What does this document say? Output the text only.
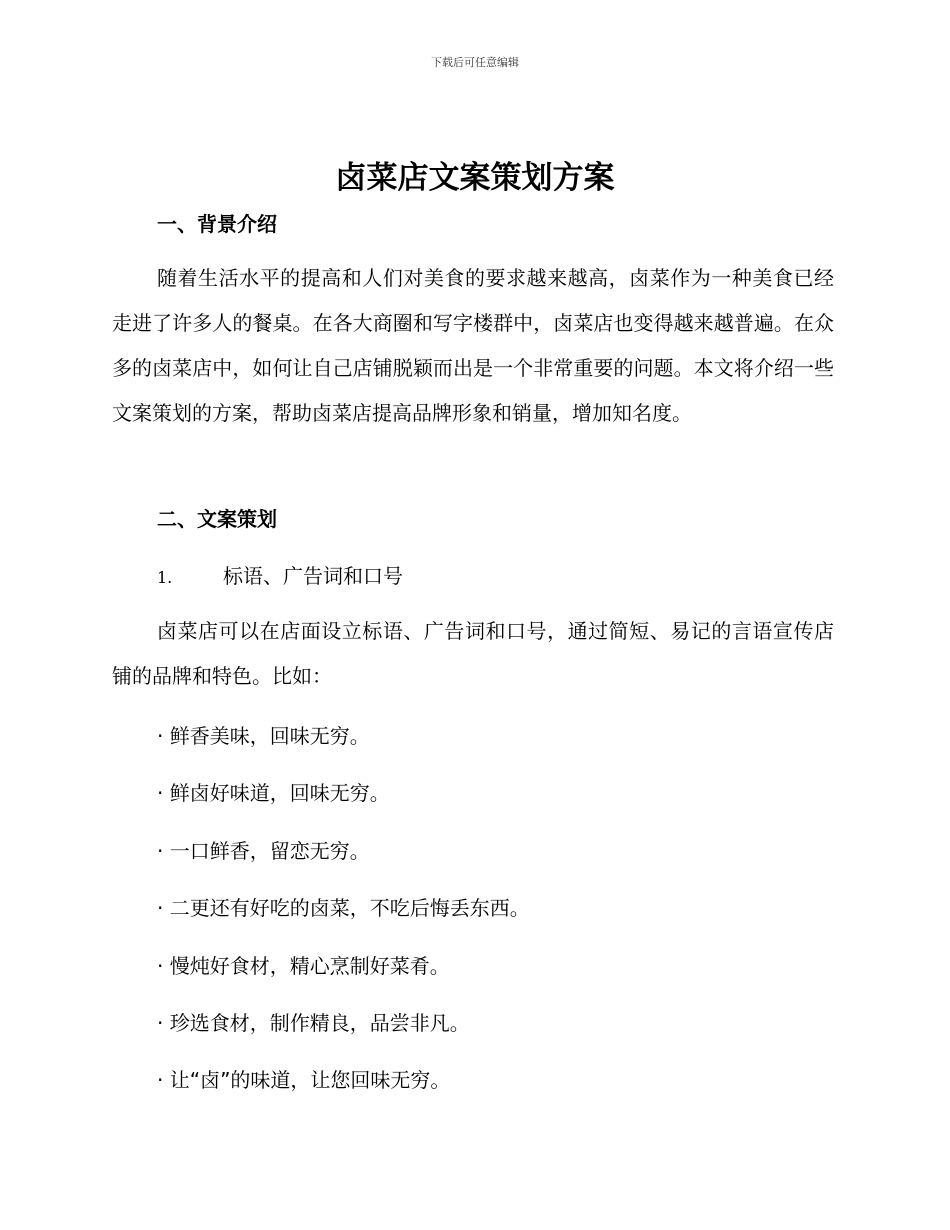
下载后可任意编辑
卤菜店文案策划方案
一、背景介绍

随着生活水平的提高和人们对美食的要求越来越高，卤菜作为一种美食已经走进了许多人的餐桌。在各大商圈和写字楼群中，卤菜店也变得越来越普遍。在众多的卤菜店中，如何让自己店铺脱颖而出是一个非常重要的问题。本文将介绍一些文案策划的方案，帮助卤菜店提高品牌形象和销量，增加知名度。

二、文案策划
1.	标语、广告词和口号

卤菜店可以在店面设立标语、广告词和口号，通过简短、易记的言语宣传店铺的品牌和特色。比如：

· 鲜香美味，回味无穷。
· 鲜卤好味道，回味无穷。
· 一口鲜香，留恋无穷。
· 二更还有好吃的卤菜，不吃后悔丢东西。
· 慢炖好食材，精心烹制好菜肴。
· 珍选食材，制作精良，品尝非凡。
· 让“卤”的味道，让您回味无穷。
